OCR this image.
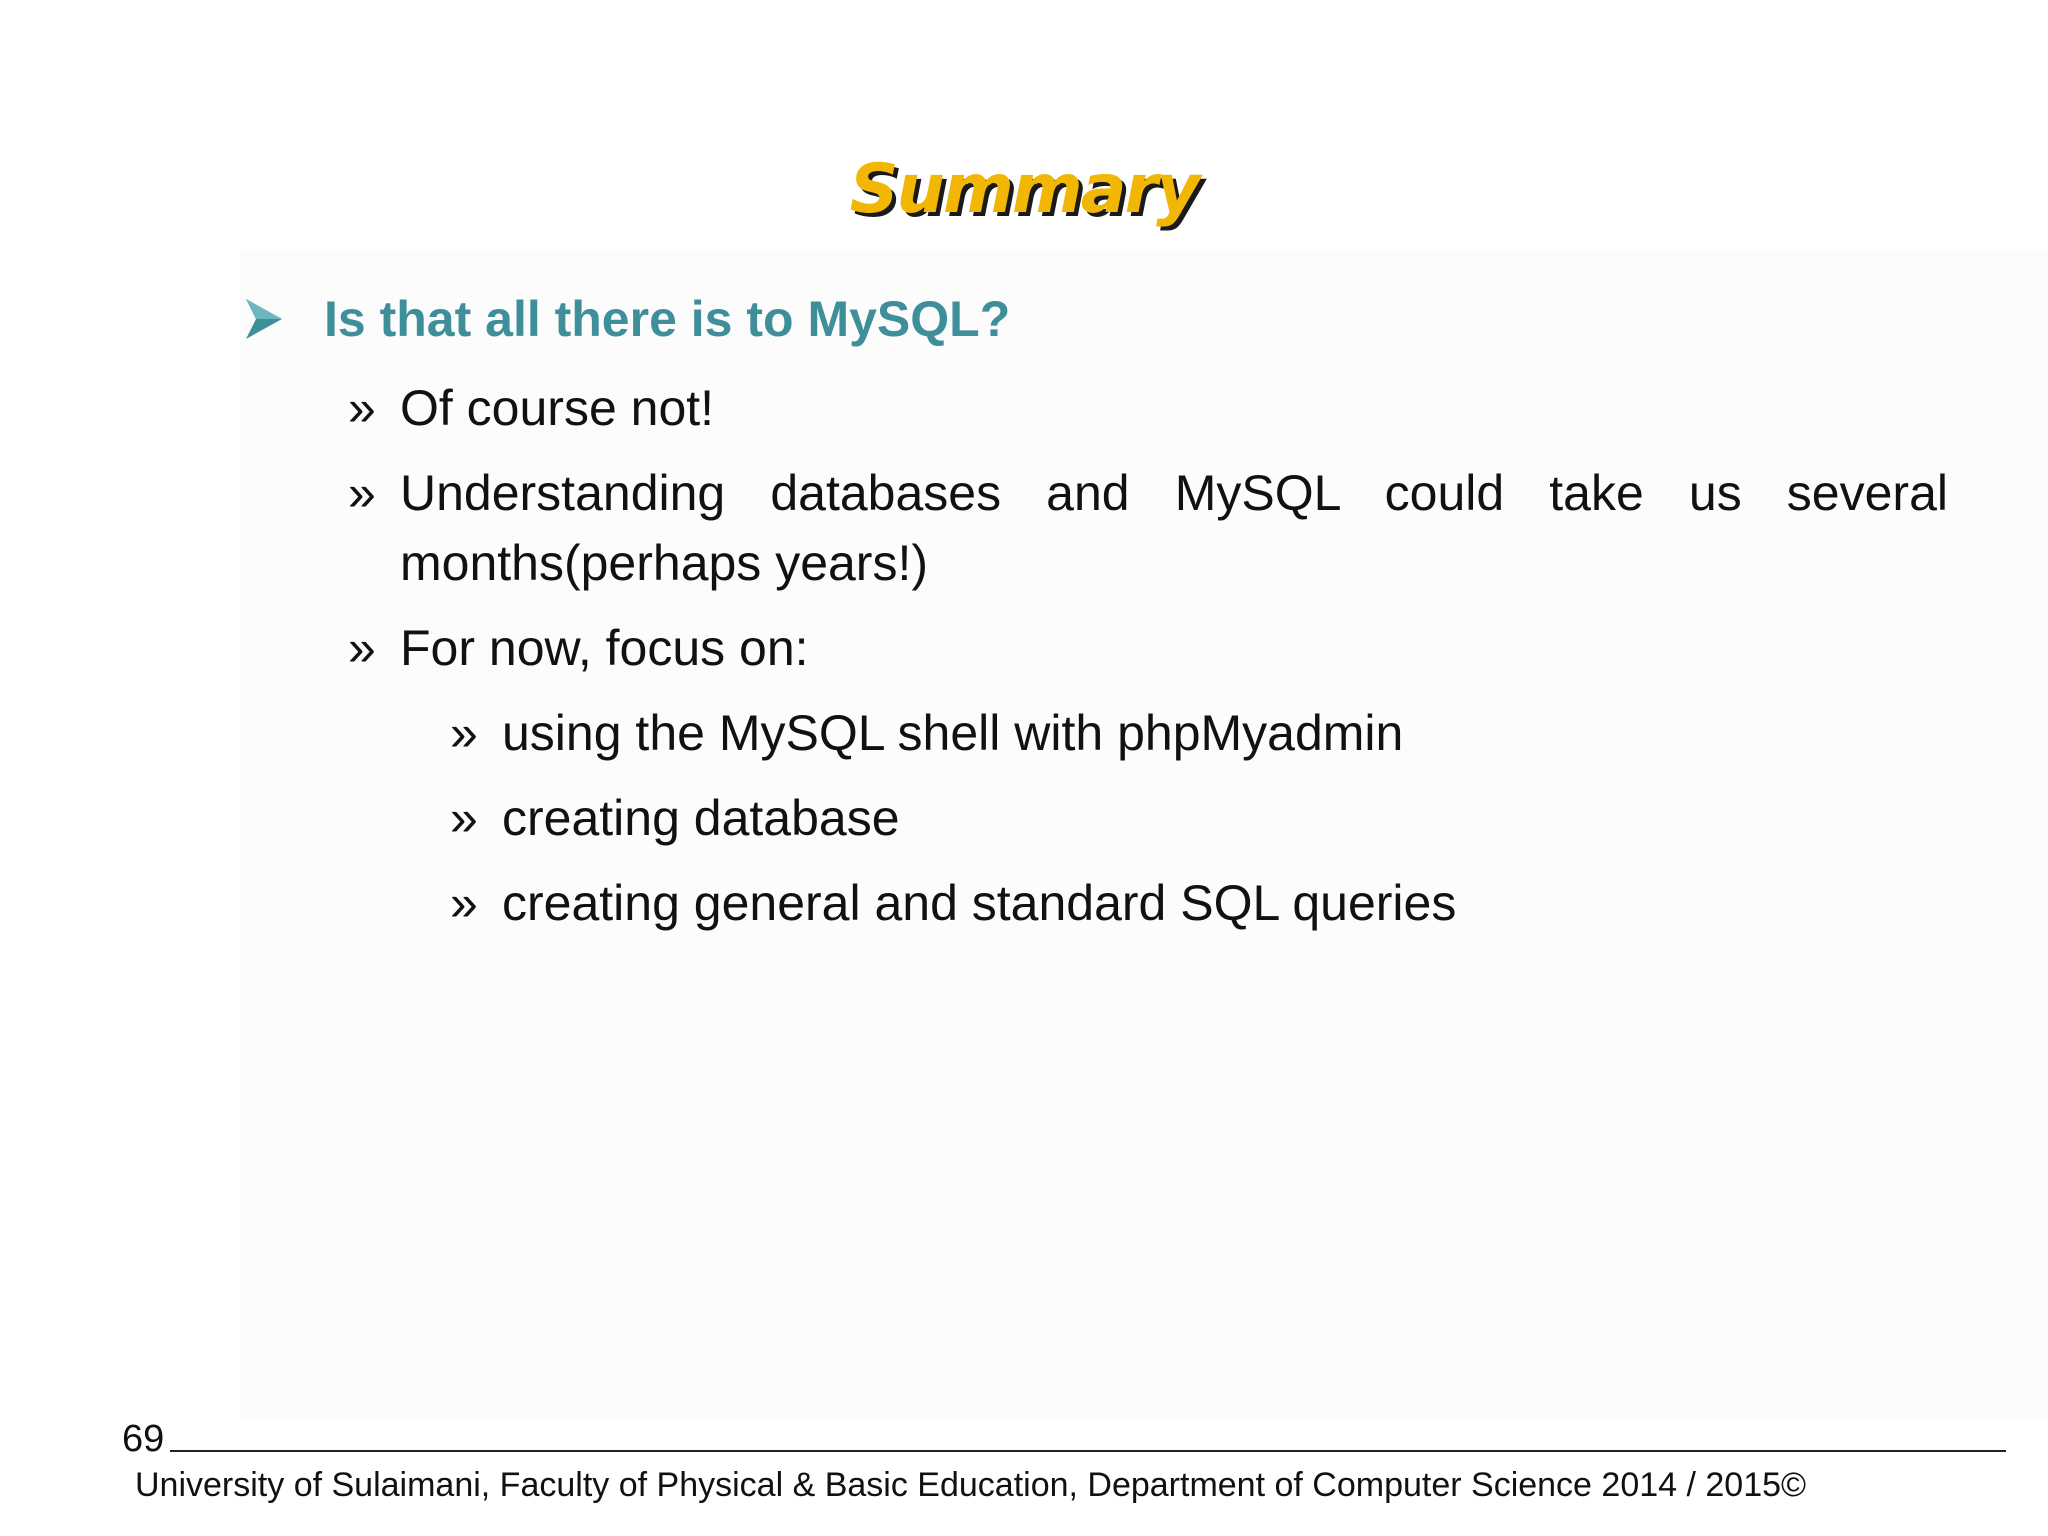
Summary
Is that all there is to MySQL?
» Of course not!
» Understanding databases and MySQL could take us several months(perhaps years!)
» For now, focus on:
» using the MySQL shell with phpMyadmin
» creating database
» creating general and standard SQL queries
69
University of Sulaimani, Faculty of Physical & Basic Education, Department of Computer Science 2014 / 2015©
